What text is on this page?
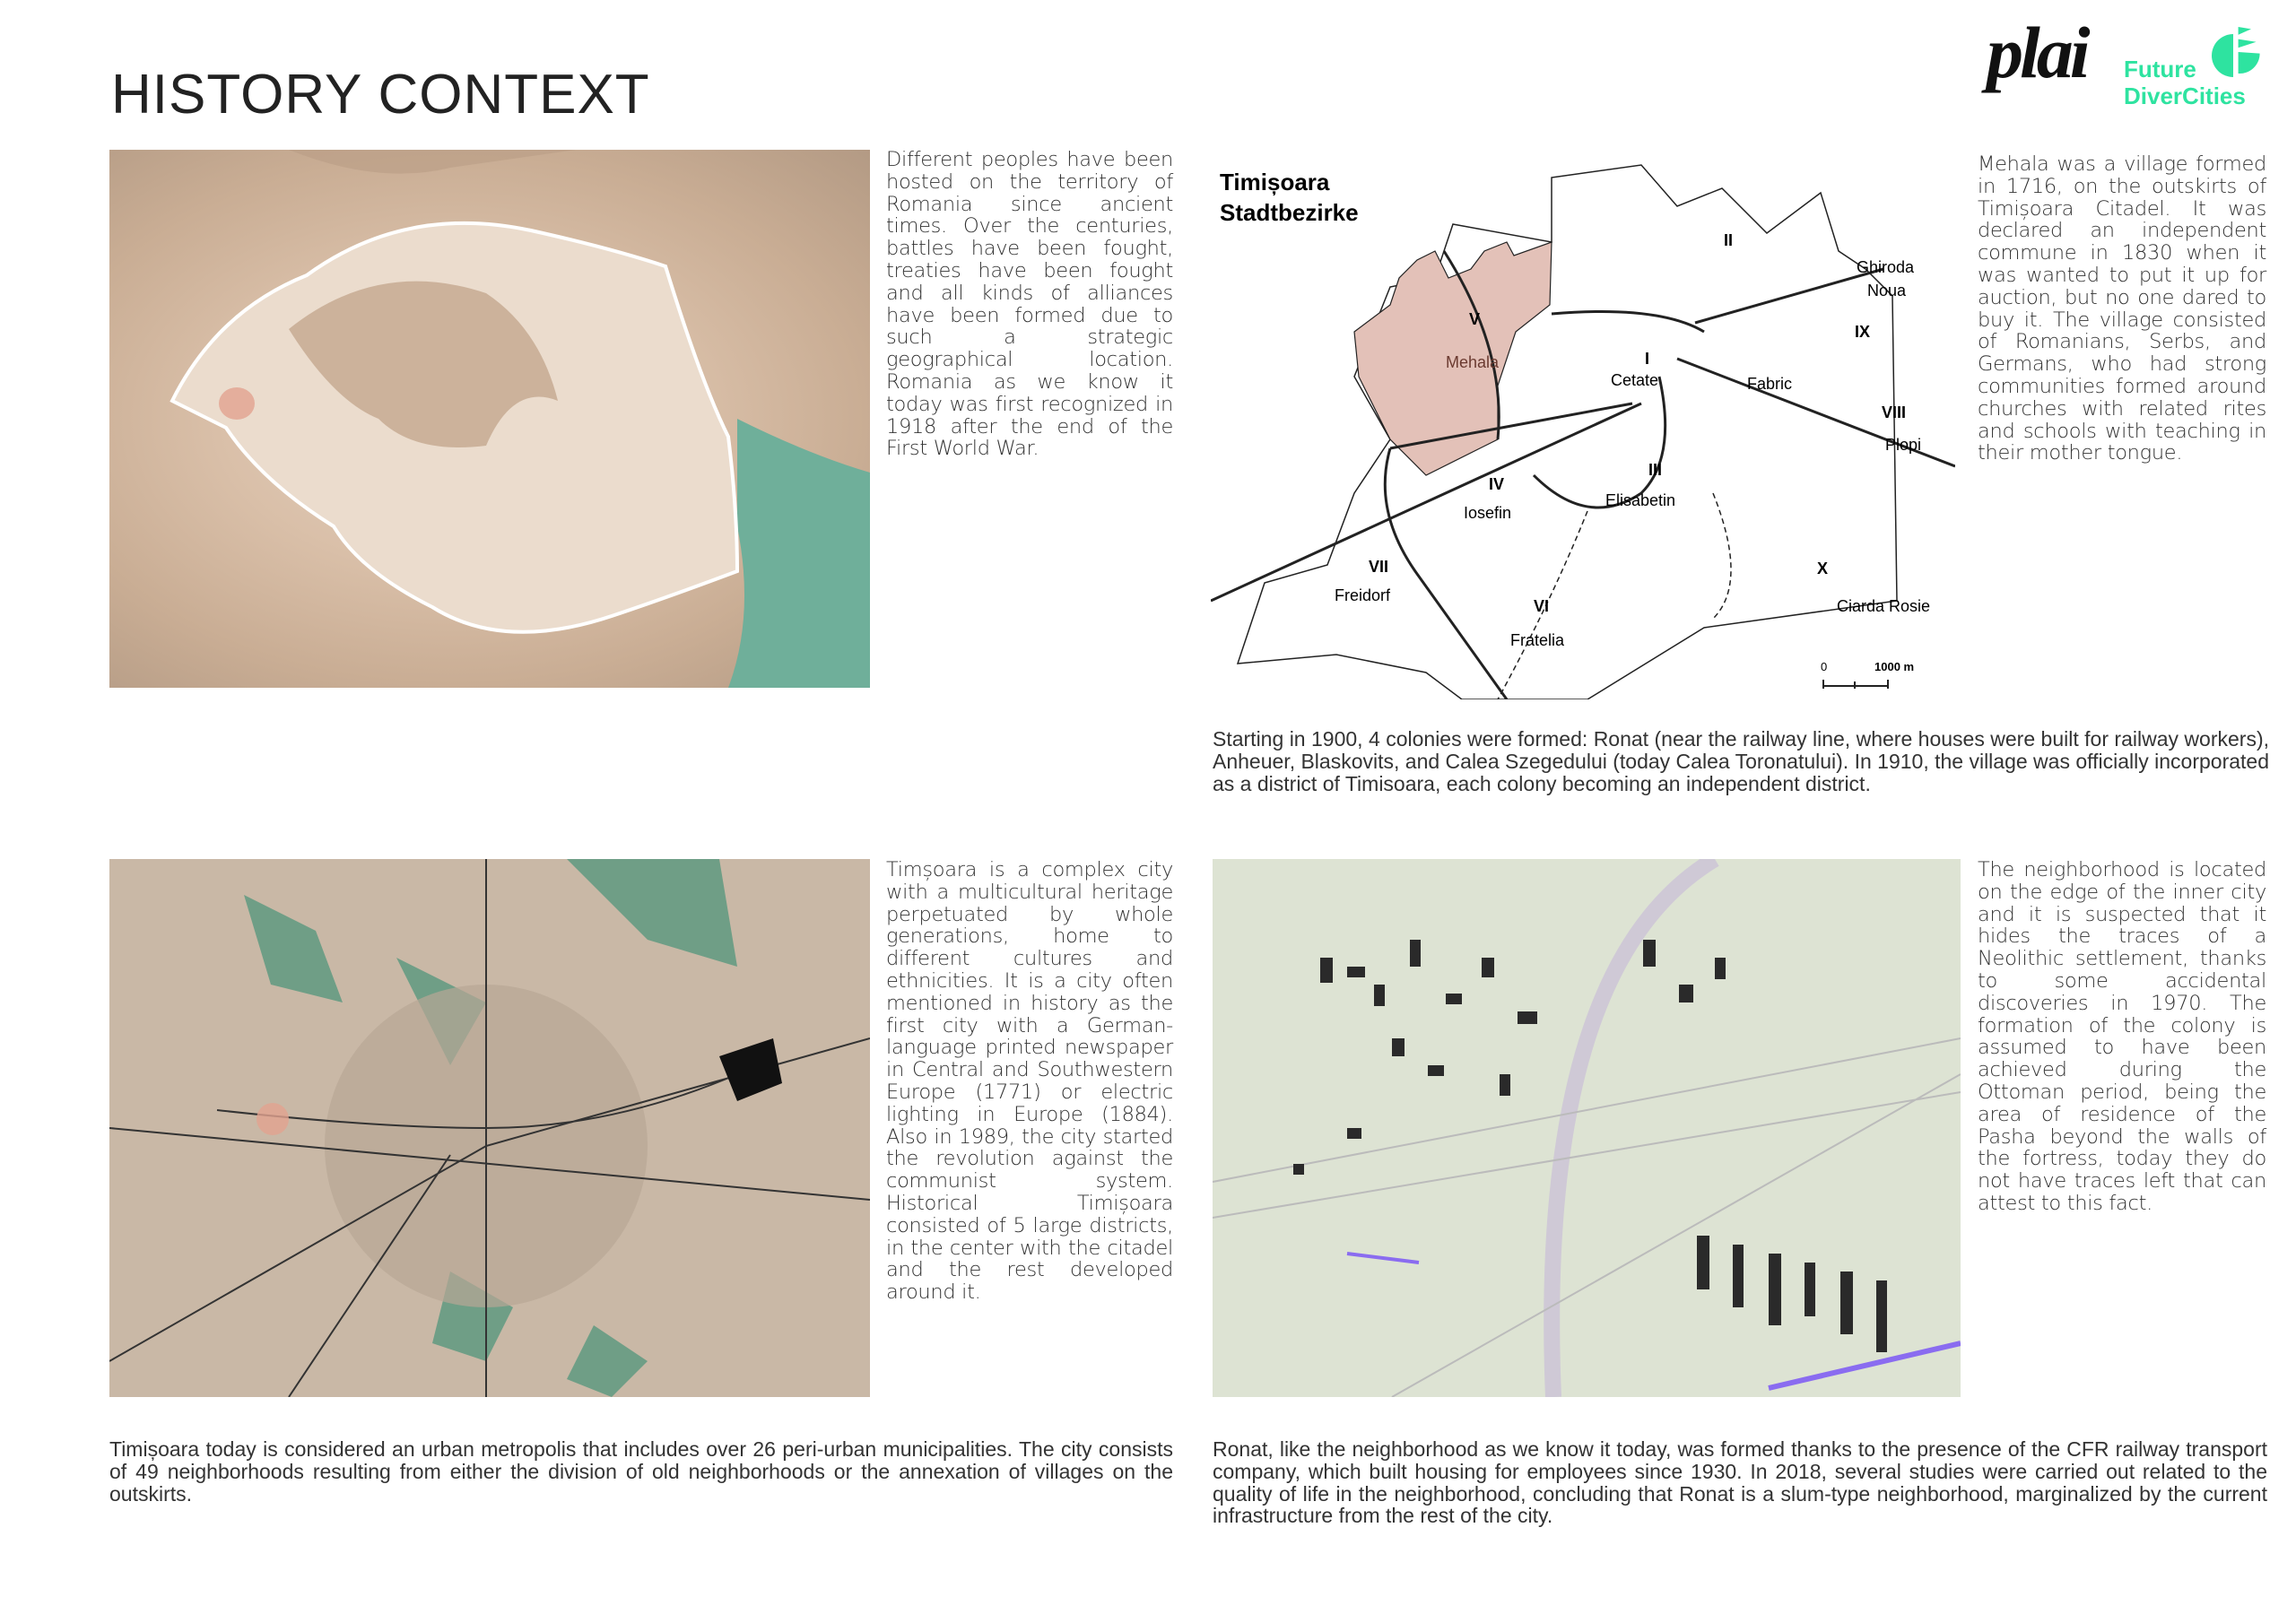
HISTORY CONTEXT
plai	Future
DiverCities
Different peoples have been hosted on the territory of Romania since ancient times. Over the centuries, battles have been fought, treaties have been fought and all kinds of alliances have been formed due to such a strategic geographical location. Romania as we know it today was first recognized in 1918 after the end of the First World War.
Timișoara
Stadtbezirke
V
Mehala	I
Cetate
II
Fabric
Ghiroda
Noua
IX
VIII
Plopi
III
Elisabetin
IV
Iosefin
VII
Freidorf
VI
Fratelia
X
Ciarda Rosie
0	1000 m
Mehala was a village formed in 1716, on the outskirts of Timișoara Citadel. It was declared an independent commune in 1830 when it was wanted to put it up for auction, but no one dared to buy it. The village consisted of Romanians, Serbs, and Germans, who had strong communities formed around churches with related rites and schools with teaching in their mother tongue.
Starting in 1900, 4 colonies were formed: Ronat (near the railway line, where houses were built for railway workers), Anheuer, Blaskovits, and Calea Szegedului (today Calea Toronatului). In 1910, the village was officially incorporated as a district of Timisoara, each colony becoming an independent district.
Timșoara is a complex city with a multicultural heritage perpetuated by whole generations, home to different cultures and ethnicities. It is a city often mentioned in history as the first city with a German-language printed newspaper in Central and Southwestern Europe (1771) or electric lighting in Europe (1884). Also in 1989, the city started the revolution against the communist system. Historical Timișoara consisted of 5 large districts, in the center with the citadel and the rest developed around it.
The neighborhood is located on the edge of the inner city and it is suspected that it hides the traces of a Neolithic settlement, thanks to some accidental discoveries in 1970. The formation of the colony is assumed to have been achieved during the Ottoman period, being the area of residence of the Pasha beyond the walls of the fortress, today they do not have traces left that can attest to this fact.
Timișoara today is considered an urban metropolis that includes over 26 peri-urban municipalities. The city consists of 49 neighborhoods resulting from either the division of old neighborhoods or the annexation of villages on the outskirts.
Ronat, like the neighborhood as we know it today, was formed thanks to the presence of the CFR railway transport company, which built housing for employees since 1930. In 2018, several studies were carried out related to the quality of life in the neighborhood, concluding that Ronat is a slum-type neighborhood, marginalized by the current infrastructure from the rest of the city.
